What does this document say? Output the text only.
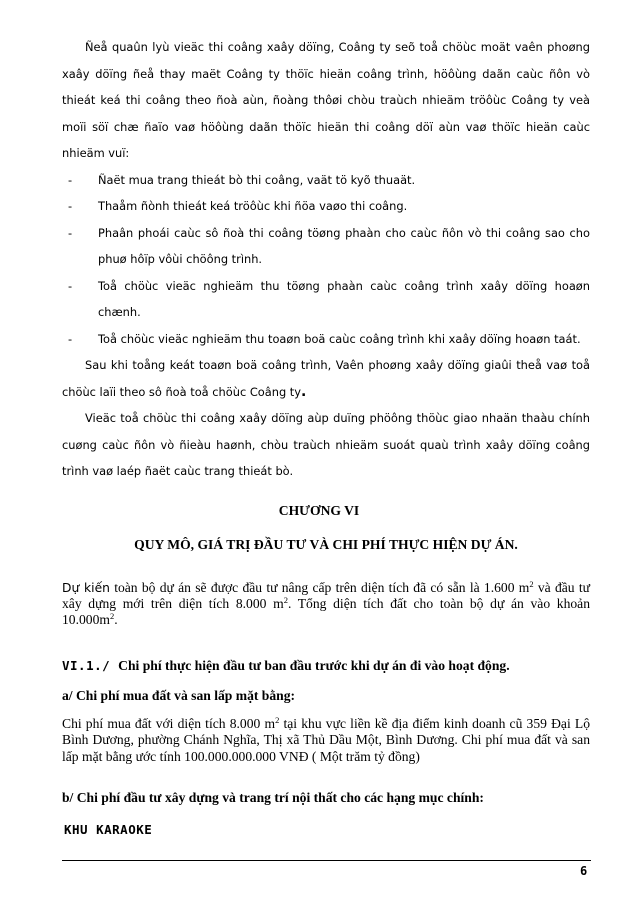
Ñeå quaûn lyù vieäc thi coâng xaây döïng, Coâng ty seõ toå chöùc moät vaên phoøng xaây döïng ñeå thay maët Coâng ty thöïc hieän coâng trình, höôùng daãn caùc ñôn vò thieát keá thi coâng theo ñoà aùn, ñoàng thôøi chòu traùch nhieäm tröôùc Coâng ty veà moïi söï chæ ñaïo vaø höôùng daãn thöïc hieän thi coâng döï aùn vaø thöïc hieän caùc nhieäm vuï:

- Ñaët mua trang thieát bò thi coâng, vaät tö kyõ thuaät.
- Thaåm ñònh thieát keá tröôùc khi ñöa vaøo thi coâng.
- Phaân phoái caùc sô ñoà thi coâng töøng phaàn cho caùc ñôn vò thi coâng sao cho phuø hôïp vôùi chöông trình.
- Toå chöùc vieäc nghieäm thu töøng phaàn caùc coâng trình xaây döïng hoaøn chænh.
- Toå chöùc vieäc nghieäm thu toaøn boä caùc coâng trình khi xaây döïng hoaøn taát.

Sau khi toång keát toaøn boä coâng trình, Vaên phoøng xaây döïng giaûi theå vaø toå chöùc laïi theo sô ñoà toå chöùc Coâng ty.

Vieäc toå chöùc thi coâng xaây döïng aùp duïng phöông thöùc giao nhaän thaàu chính cuøng caùc ñôn vò ñieàu haønh, chòu traùch nhieäm suoát quaù trình xaây döïng coâng trình vaø laép ñaët caùc trang thieát bò.

CHƯƠNG VI
QUY MÔ, GIÁ TRỊ ĐẦU TƯ VÀ CHI PHÍ THỰC HIỆN DỰ ÁN.
Dự kiến toàn bộ dự án sẽ được đầu tư nâng cấp trên diện tích đã có sẵn là 1.600 $m^2$ và đầu tư xây dựng mới trên diện tích 8.000 $m^2$. Tổng diện tích đất cho toàn bộ dự án vào khoản $10.000m^2$.
VI.1./ Chi phí thực hiện đầu tư ban đầu trước khi dự án đi vào hoạt động.
a/ Chi phí mua đất và san lấp mặt bằng:
Chi phí mua đất với diện tích 8.000 $m^2$ tại khu vực liền kề địa điểm kinh doanh cũ 359 Đại Lộ Bình Dương, phường Chánh Nghĩa, Thị xã Thủ Dầu Một, Bình Dương. Chi phí mua đất và san lấp mặt bằng ước tính 100.000.000.000 VNĐ ( Một trăm tỷ đồng)
b/ Chi phí đầu tư xây dựng và trang trí nội thất cho các hạng mục chính:
KHU KARAOKE
6
